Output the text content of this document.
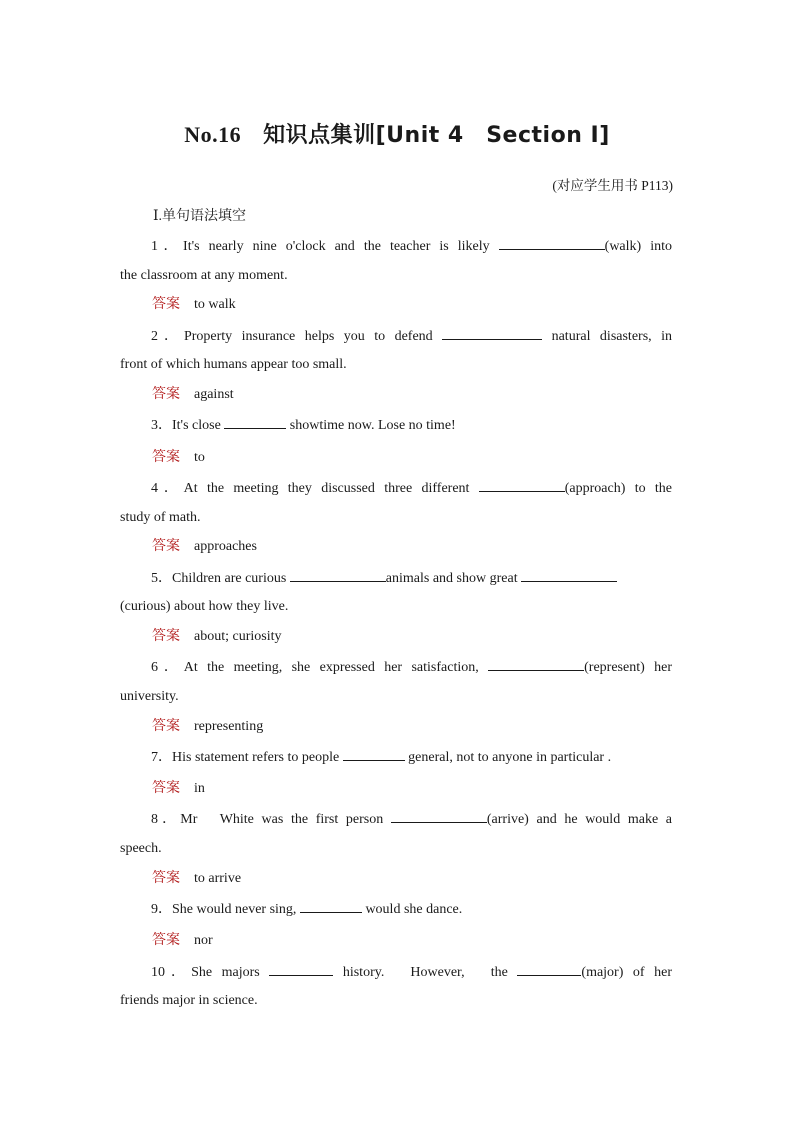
No.16 知识点集训[Unit 4　Section Ⅰ]
(对应学生用书 P113)
Ⅰ.单句语法填空
1．It's nearly nine o'clock and the teacher is likely	(walk) into
the classroom at any moment.
答案 to walk
2．Property insurance helps you to defend	natural disasters, in
front of which humans appear too small.
答案 against
3．It's close	showtime now. Lose no time!
答案 to
4．At the meeting they discussed three different	(approach) to the
study of math.
答案 approaches
5．Children are curious	animals and show great
(curious) about how they live.
答案 about; curiosity
6．At the meeting, she expressed her satisfaction,	(represent) her
university.
答案 representing
7．His statement refers to people	general, not to anyone in particular .
答案 in
8．Mr　White was the first person	(arrive) and he would make a
speech.
答案 to arrive
9．She would never sing,	would she dance.
答案 nor
10．She majors	history.　However,　the	(major) of her
friends major in science.
